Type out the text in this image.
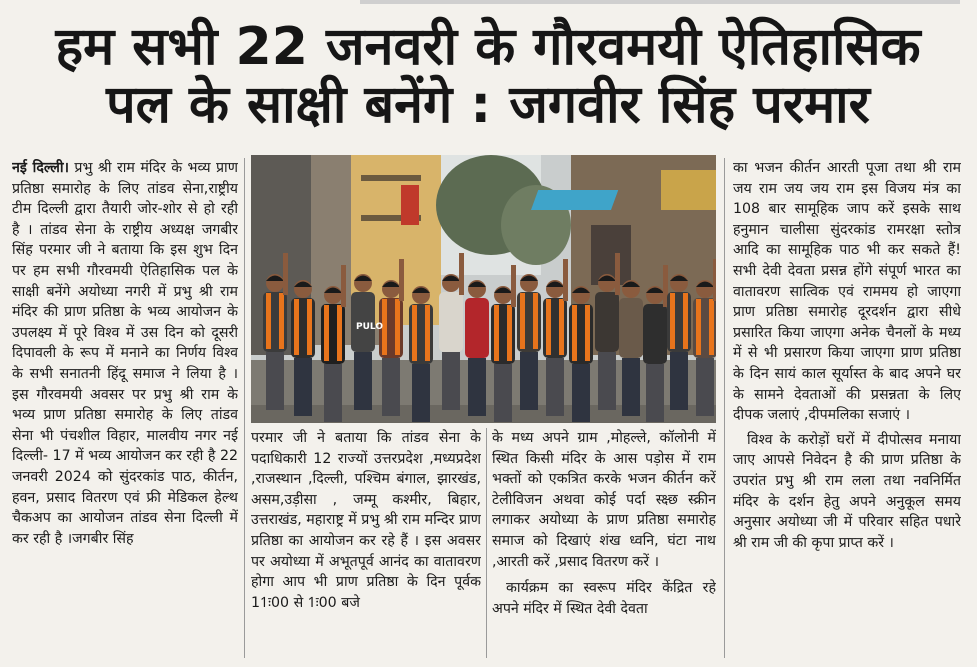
हम सभी 22 जनवरी के गौरवमयी ऐतिहासिक
पल के साक्षी बनेंगे : जगवीर सिंह परमार

नई दिल्ली। प्रभु श्री राम मंदिर के भव्य प्राण प्रतिष्ठा समारोह के लिए तांडव सेना,राष्ट्रीय टीम दिल्ली द्वारा तैयारी जोर-शोर से हो रही है । तांडव सेना के राष्ट्रीय अध्यक्ष जगबीर सिंह परमार जी ने बताया कि इस शुभ दिन पर हम सभी गौरवमयी ऐतिहासिक पल के साक्षी बनेंगे अयोध्या नगरी में प्रभु श्री राम मंदिर की प्राण प्रतिष्ठा के भव्य आयोजन के उपलक्ष्य में पूरे विश्व में उस दिन को दूसरी दिपावली के रूप में मनाने का निर्णय विश्व के सभी सनातनी हिंदू समाज ने लिया है । इस गौरवमयी अवसर पर प्रभु श्री राम के भव्य प्राण प्रतिष्ठा समारोह के लिए तांडव सेना भी पंचशील विहार, मालवीय नगर नई दिल्ली- 17 में भव्य आयोजन कर रही है 22 जनवरी 2024 को सुंदरकांड पाठ, कीर्तन, हवन, प्रसाद वितरण एवं फ्री मेडिकल हेल्थ चैकअप का आयोजन तांडव सेना दिल्ली में कर रही है ।जगबीर सिंह

PULO

परमार जी ने बताया कि तांडव सेना के पदाधिकारी 12 राज्यों उत्तरप्रदेश ,मध्यप्रदेश ,राजस्थान ,दिल्ली, पश्चिम बंगाल, झारखंड, असम,उड़ीसा , जम्मू कश्मीर, बिहार, उत्तराखंड, महाराष्ट्र में प्रभु श्री राम मन्दिर प्राण प्रतिष्ठा का आयोजन कर रहे हैं । इस अवसर पर अयोध्या में अभूतपूर्व आनंद का वातावरण होगा आप भी प्राण प्रतिष्ठा के दिन पूर्वक 11ः00 से 1ः00 बजे

के मध्य अपने ग्राम ,मोहल्ले, कॉलोनी में स्थित किसी मंदिर के आस पड़ोस में राम भक्तों को एकत्रित करके भजन कीर्तन करें टेलीविजन अथवा कोई पर्दा स्क्ष्छ स्क्रीन लगाकर अयोध्या के प्राण प्रतिष्ठा समारोह समाज को दिखाएं शंख ध्वनि, घंटा नाथ ,आरती करें ,प्रसाद वितरण करें ।

कार्यक्रम का स्वरूप मंदिर केंद्रित रहे अपने मंदिर में स्थित देवी देवता

का भजन कीर्तन आरती पूजा तथा श्री राम जय राम जय जय राम इस विजय मंत्र का 108 बार सामूहिक जाप करें इसके साथ हनुमान चालीसा सुंदरकांड रामरक्षा स्तोत्र आदि का सामूहिक पाठ भी कर सकते हैं! सभी देवी देवता प्रसन्न होंगे संपूर्ण भारत का वातावरण सात्विक एवं राममय हो जाएगा प्राण प्रतिष्ठा समारोह दूरदर्शन द्वारा सीधे प्रसारित किया जाएगा अनेक चैनलों के मध्य में से भी प्रसारण किया जाएगा प्राण प्रतिष्ठा के दिन सायं काल सूर्यास्त के बाद अपने घर के सामने देवताओं की प्रसन्नता के लिए दीपक जलाएं ,दीपमलिका सजाएं ।

विश्व के करोड़ों घरों में दीपोत्सव मनाया जाए आपसे निवेदन है की प्राण प्रतिष्ठा के उपरांत प्रभु श्री राम लला तथा नवनिर्मित मंदिर के दर्शन हेतु अपने अनुकूल समय अनुसार अयोध्या जी में परिवार सहित पधारे श्री राम जी की कृपा प्राप्त करें ।
